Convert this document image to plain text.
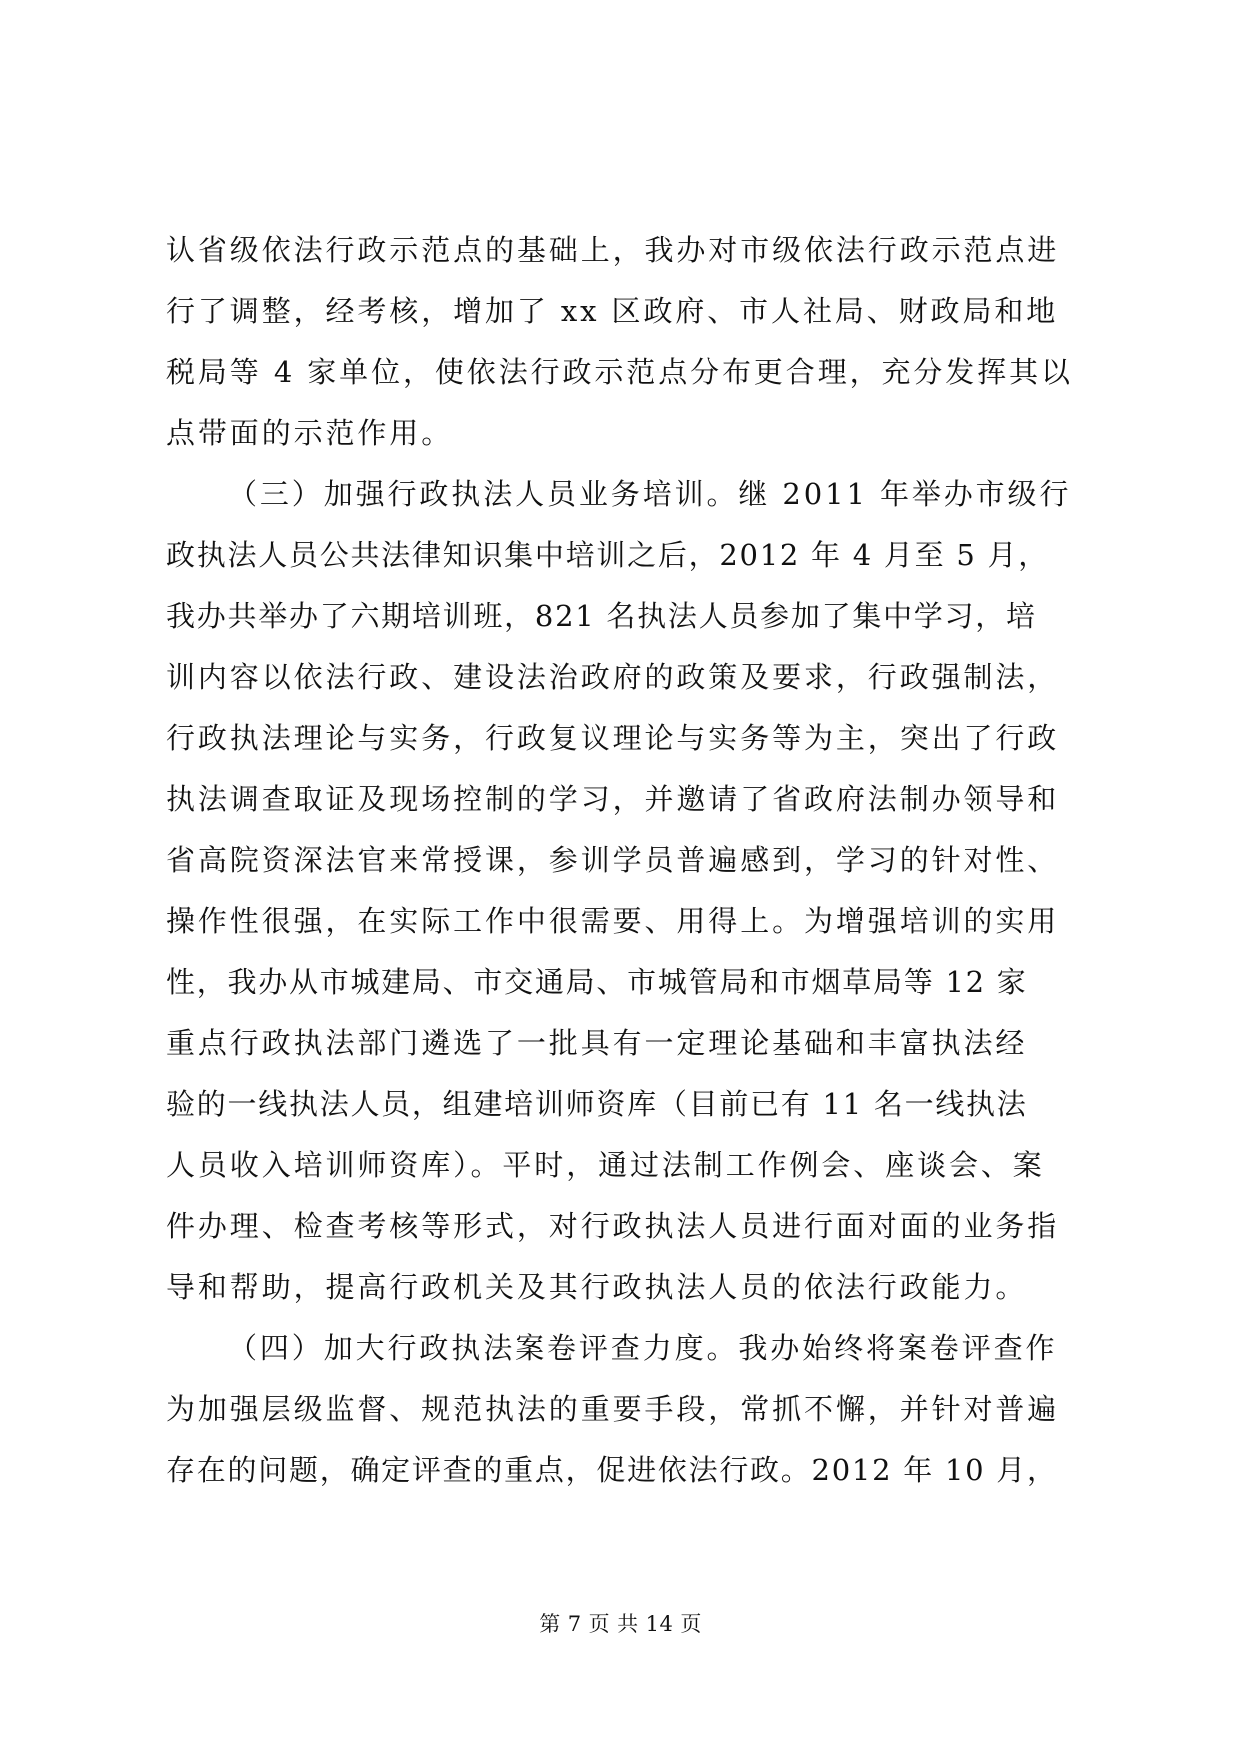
认省级依法行政示范点的基础上，我办对市级依法行政示范点进
行了调整，经考核，增加了 xx 区政府、市人社局、财政局和地
税局等 4 家单位，使依法行政示范点分布更合理，充分发挥其以
点带面的示范作用。
（三）加强行政执法人员业务培训。继 2011 年举办市级行
政执法人员公共法律知识集中培训之后，2012 年 4 月至 5 月，
我办共举办了六期培训班，821 名执法人员参加了集中学习，培
训内容以依法行政、建设法治政府的政策及要求，行政强制法，
行政执法理论与实务，行政复议理论与实务等为主，突出了行政
执法调查取证及现场控制的学习，并邀请了省政府法制办领导和
省高院资深法官来常授课，参训学员普遍感到，学习的针对性、
操作性很强，在实际工作中很需要、用得上。为增强培训的实用
性，我办从市城建局、市交通局、市城管局和市烟草局等 12 家
重点行政执法部门遴选了一批具有一定理论基础和丰富执法经
验的一线执法人员，组建培训师资库（目前已有 11 名一线执法
人员收入培训师资库）。平时，通过法制工作例会、座谈会、案
件办理、检查考核等形式，对行政执法人员进行面对面的业务指
导和帮助，提高行政机关及其行政执法人员的依法行政能力。
（四）加大行政执法案卷评查力度。我办始终将案卷评查作
为加强层级监督、规范执法的重要手段，常抓不懈，并针对普遍
存在的问题，确定评查的重点，促进依法行政。2012 年 10 月，
第 7 页 共 14 页
